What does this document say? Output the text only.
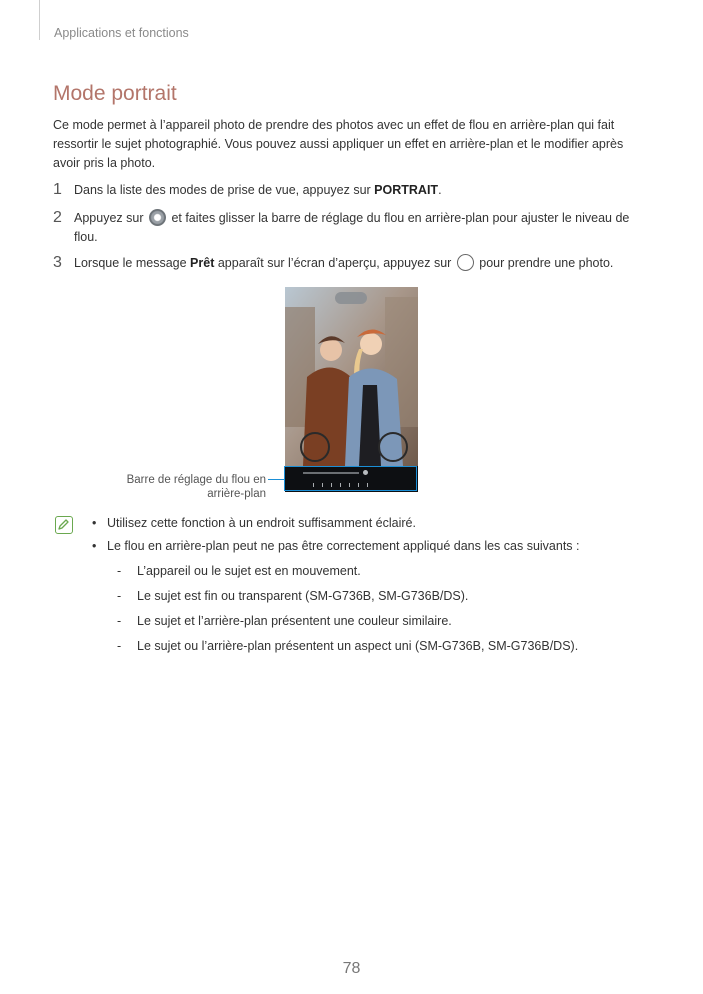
Applications et fonctions
Mode portrait

Ce mode permet à l’appareil photo de prendre des photos avec un effet de flou en arrière-plan qui fait ressortir le sujet photographié. Vous pouvez aussi appliquer un effet en arrière-plan et le modifier après avoir pris la photo.

1 Dans la liste des modes de prise de vue, appuyez sur PORTRAIT.
2 Appuyez sur  et faites glisser la barre de réglage du flou en arrière-plan pour ajuster le niveau de flou.
3 Lorsque le message Prêt apparaît sur l’écran d’aperçu, appuyez sur  pour prendre une photo.
Barre de réglage du flou en arrière-plan
• Utilisez cette fonction à un endroit suffisamment éclairé.
• Le flou en arrière-plan peut ne pas être correctement appliqué dans les cas suivants :
- L’appareil ou le sujet est en mouvement.
- Le sujet est fin ou transparent (SM-G736B, SM-G736B/DS).
- Le sujet et l’arrière-plan présentent une couleur similaire.
- Le sujet ou l’arrière-plan présentent un aspect uni (SM-G736B, SM-G736B/DS).
78
